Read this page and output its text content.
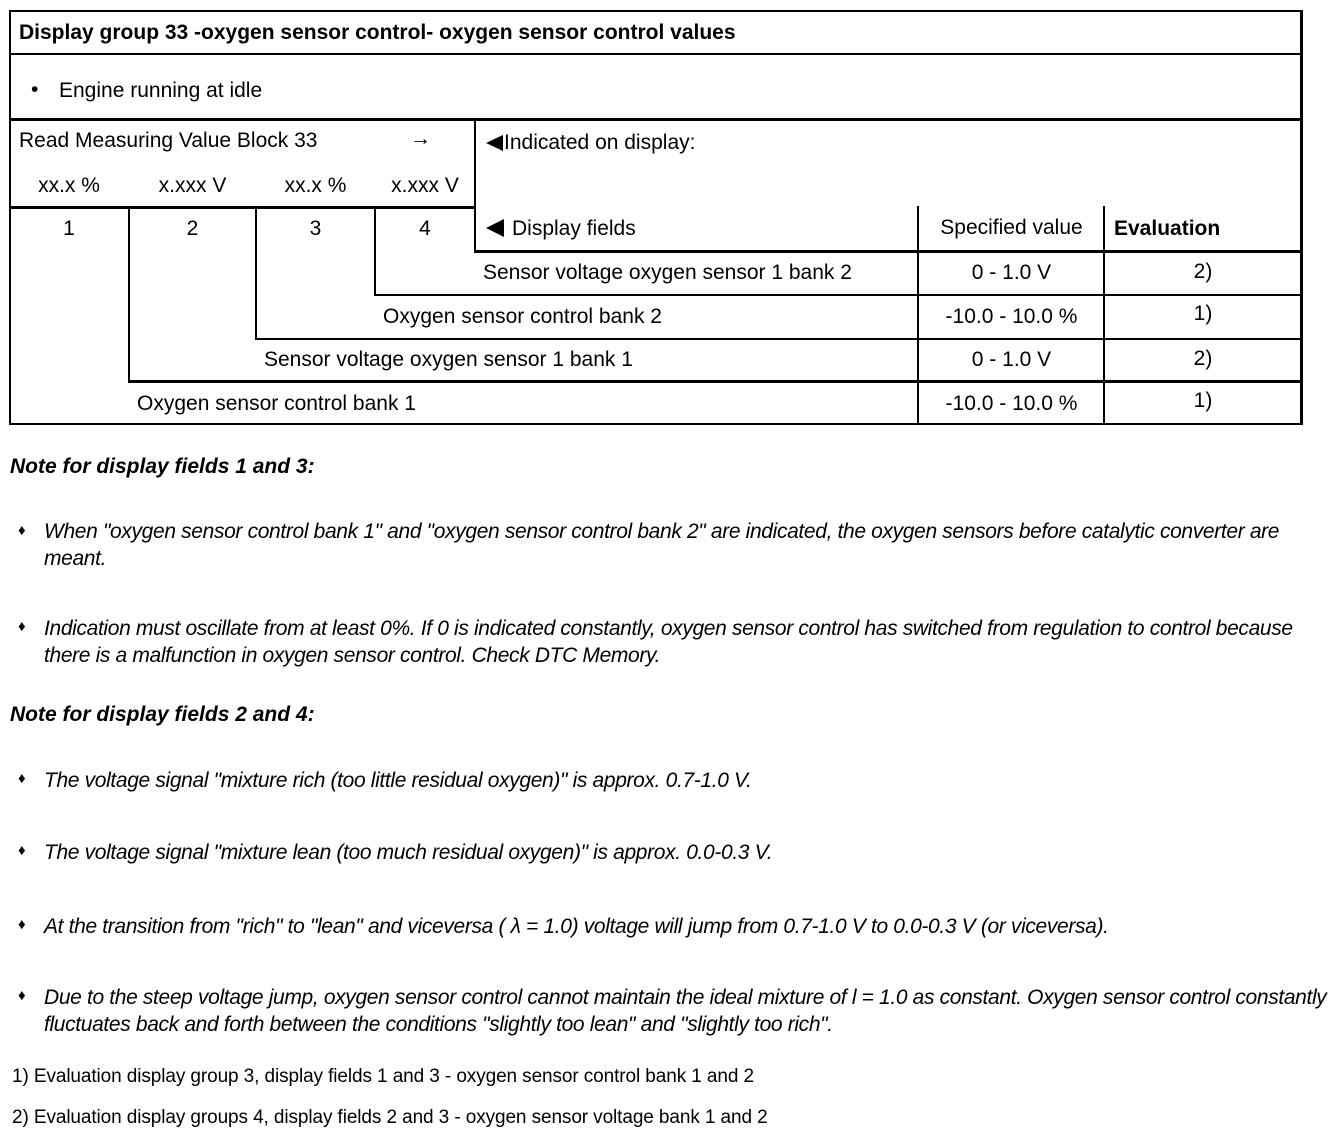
Display group 33 -oxygen sensor control- oxygen sensor control values
• Engine running at idle
Read Measuring Value Block 33	→
xx.x %	x.xxx V	xx.x %	x.xxx V
Indicated on display:
Display fields	Specified value	Evaluation
1	2	3	4
Sensor voltage oxygen sensor 1 bank 2	0 - 1.0 V	2)
Oxygen sensor control bank 2	-10.0 - 10.0 %	1)
Sensor voltage oxygen sensor 1 bank 1	0 - 1.0 V	2)
Oxygen sensor control bank 1	-10.0 - 10.0 %	1)
Note for display fields 1 and 3:
♦ When "oxygen sensor control bank 1" and "oxygen sensor control bank 2" are indicated, the oxygen sensors before catalytic converter are meant.
♦ Indication must oscillate from at least 0%. If 0 is indicated constantly, oxygen sensor control has switched from regulation to control because there is a malfunction in oxygen sensor control. Check DTC Memory.
Note for display fields 2 and 4:
♦ The voltage signal "mixture rich (too little residual oxygen)" is approx. 0.7-1.0 V.
♦ The voltage signal "mixture lean (too much residual oxygen)" is approx. 0.0-0.3 V.
♦ At the transition from "rich" to "lean" and viceversa ( λ = 1.0) voltage will jump from 0.7-1.0 V to 0.0-0.3 V (or viceversa).
♦ Due to the steep voltage jump, oxygen sensor control cannot maintain the ideal mixture of l = 1.0 as constant. Oxygen sensor control constantly fluctuates back and forth between the conditions "slightly too lean" and "slightly too rich".
1) Evaluation display group 3, display fields 1 and 3 - oxygen sensor control bank 1 and 2
2) Evaluation display groups 4, display fields 2 and 3 - oxygen sensor voltage bank 1 and 2
